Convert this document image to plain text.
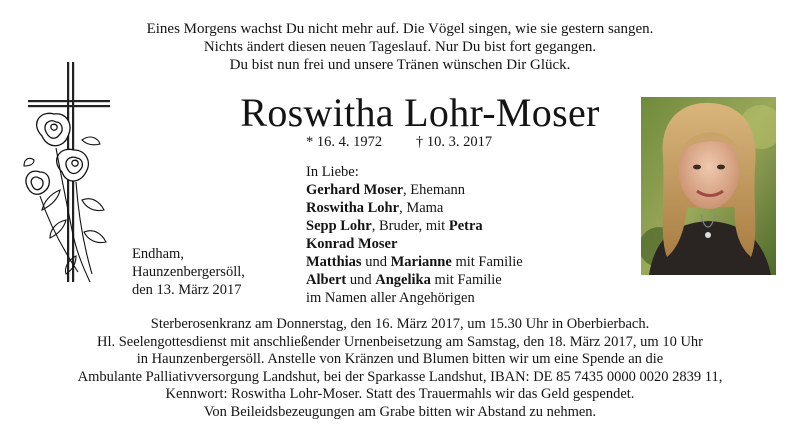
Eines Morgens wachst Du nicht mehr auf. Die Vögel singen, wie sie gestern sangen.
Nichts ändert diesen neuen Tageslauf. Nur Du bist fort gegangen.
Du bist nun frei und unsere Tränen wünschen Dir Glück.
Roswitha Lohr-Moser
* 16. 4. 1972 † 10. 3. 2017
In Liebe:
Gerhard Moser, Ehemann
Roswitha Lohr, Mama
Sepp Lohr, Bruder, mit Petra
Konrad Moser
Matthias und Marianne mit Familie
Albert und Angelika mit Familie
im Namen aller Angehörigen
Endham,
Haunzenbergersöll,
den 13. März 2017
Sterberosenkranz am Donnerstag, den 16. März 2017, um 15.30 Uhr in Oberbierbach.
Hl. Seelengottesdienst mit anschließender Urnenbeisetzung am Samstag, den 18. März 2017, um 10 Uhr
in Haunzenbergersöll. Anstelle von Kränzen und Blumen bitten wir um eine Spende an die
Ambulante Palliativversorgung Landshut, bei der Sparkasse Landshut, IBAN: DE 85 7435 0000 0020 2839 11,
Kennwort: Roswitha Lohr-Moser. Statt des Trauermahls wir das Geld gespendet.
Von Beileidsbezeugungen am Grabe bitten wir Abstand zu nehmen.
